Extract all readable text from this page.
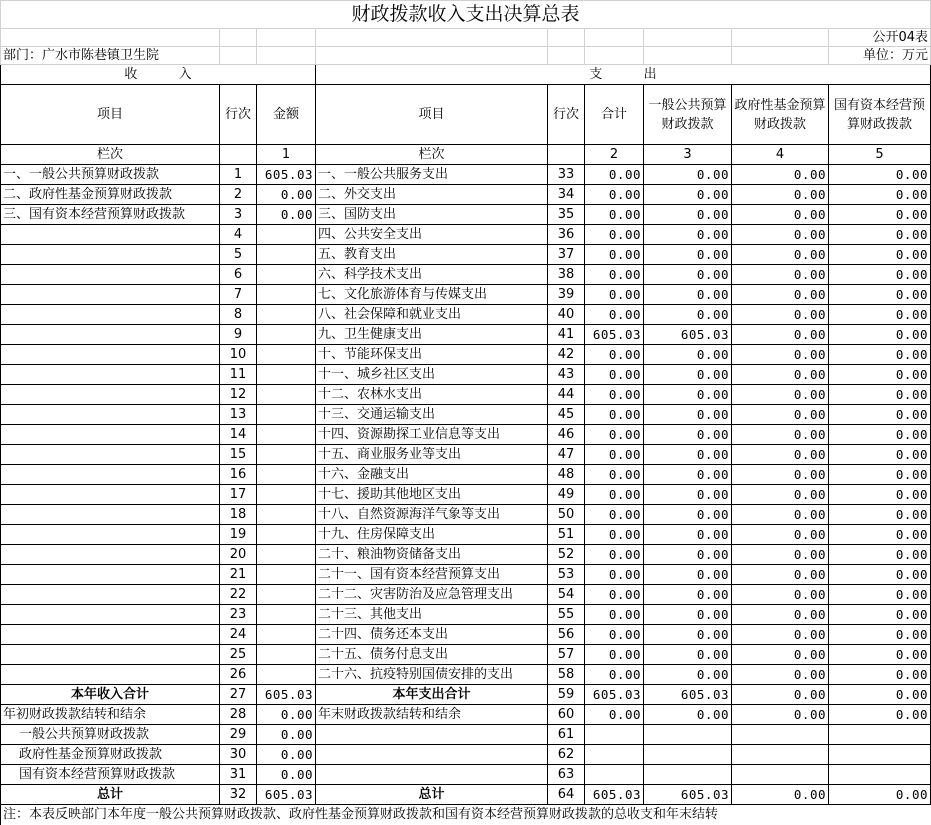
财政拨款收入支出决算总表								
								公开04表
部门：广水市陈巷镇卫生院								单位：万元
收          入			支          出					
项目	行次	金额	项目	行次	合计	一般公共预算财政拨款	政府性基金预算财政拨款	国有资本经营预算财政拨款
栏次		1	栏次		2	3	4	5
一、一般公共预算财政拨款	1	605.03	一、一般公共服务支出	33	0.00	0.00	0.00	0.00
二、政府性基金预算财政拨款	2	0.00	二、外交支出	34	0.00	0.00	0.00	0.00
三、国有资本经营预算财政拨款	3	0.00	三、国防支出	35	0.00	0.00	0.00	0.00
	4		四、公共安全支出	36	0.00	0.00	0.00	0.00
	5		五、教育支出	37	0.00	0.00	0.00	0.00
	6		六、科学技术支出	38	0.00	0.00	0.00	0.00
	7		七、文化旅游体育与传媒支出	39	0.00	0.00	0.00	0.00
	8		八、社会保障和就业支出	40	0.00	0.00	0.00	0.00
	9		九、卫生健康支出	41	605.03	605.03	0.00	0.00
	10		十、节能环保支出	42	0.00	0.00	0.00	0.00
	11		十一、城乡社区支出	43	0.00	0.00	0.00	0.00
	12		十二、农林水支出	44	0.00	0.00	0.00	0.00
	13		十三、交通运输支出	45	0.00	0.00	0.00	0.00
	14		十四、资源勘探工业信息等支出	46	0.00	0.00	0.00	0.00
	15		十五、商业服务业等支出	47	0.00	0.00	0.00	0.00
	16		十六、金融支出	48	0.00	0.00	0.00	0.00
	17		十七、援助其他地区支出	49	0.00	0.00	0.00	0.00
	18		十八、自然资源海洋气象等支出	50	0.00	0.00	0.00	0.00
	19		十九、住房保障支出	51	0.00	0.00	0.00	0.00
	20		二十、粮油物资储备支出	52	0.00	0.00	0.00	0.00
	21		二十一、国有资本经营预算支出	53	0.00	0.00	0.00	0.00
	22		二十二、灾害防治及应急管理支出	54	0.00	0.00	0.00	0.00
	23		二十三、其他支出	55	0.00	0.00	0.00	0.00
	24		二十四、债务还本支出	56	0.00	0.00	0.00	0.00
	25		二十五、债务付息支出	57	0.00	0.00	0.00	0.00
	26		二十六、抗疫特别国债安排的支出	58	0.00	0.00	0.00	0.00
本年收入合计	27	605.03	本年支出合计	59	605.03	605.03	0.00	0.00
年初财政拨款结转和结余	28	0.00	年末财政拨款结转和结余	60	0.00	0.00	0.00	0.00
一般公共预算财政拨款	29	0.00		61				
政府性基金预算财政拨款	30	0.00		62				
国有资本经营预算财政拨款	31	0.00		63				
总计	32	605.03	总计	64	605.03	605.03	0.00	0.00
注：本表反映部门本年度一般公共预算财政拨款、政府性基金预算财政拨款和国有资本经营预算财政拨款的总收支和年末结转								
